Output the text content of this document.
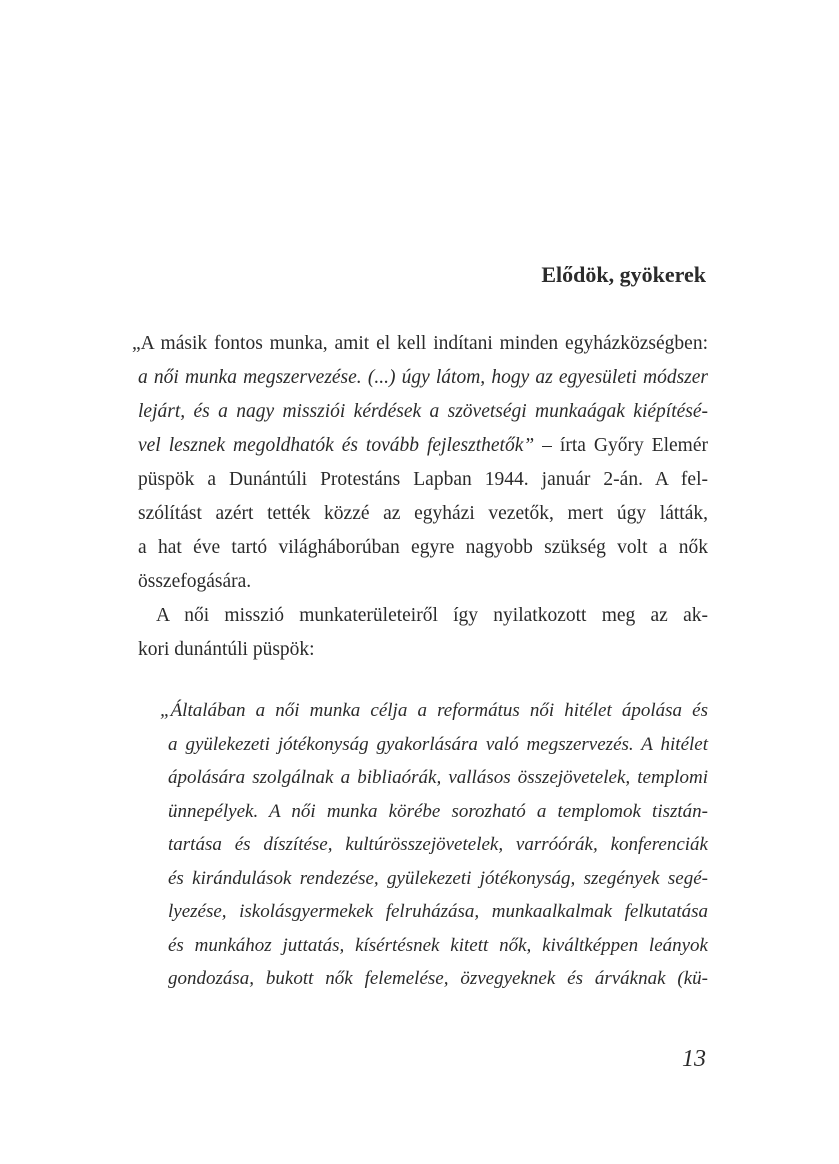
Elődök, gyökerek
„A másik fontos munka, amit el kell indítani minden egyházközségben:
a női munka megszervezése. (...) úgy látom, hogy az egyesületi módszer
lejárt, és a nagy missziói kérdések a szövetségi munkaágak kiépítésé-
vel lesznek megoldhatók és tovább fejleszthetők” – írta Győry Elemér
püspök a Dunántúli Protestáns Lapban 1944. január 2-án. A fel-
szólítást azért tették közzé az egyházi vezetők, mert úgy látták,
a hat éve tartó világháborúban egyre nagyobb szükség volt a nők
összefogására.
A női misszió munkaterületeiről így nyilatkozott meg az ak-
kori dunántúli püspök:
„Általában a női munka célja a református női hitélet ápolása és
a gyülekezeti jótékonyság gyakorlására való megszervezés. A hitélet
ápolására szolgálnak a bibliaórák, vallásos összejövetelek, templomi
ünnepélyek. A női munka körébe sorozható a templomok tisztán-
tartása és díszítése, kultúrösszejövetelek, varróórák, konferenciák
és kirándulások rendezése, gyülekezeti jótékonyság, szegények segé-
lyezése, iskolásgyermekek felruházása, munkaalkalmak felkutatása
és munkához juttatás, kísértésnek kitett nők, kiváltképpen leányok
gondozása, bukott nők felemelése, özvegyeknek és árváknak (kü-
13
